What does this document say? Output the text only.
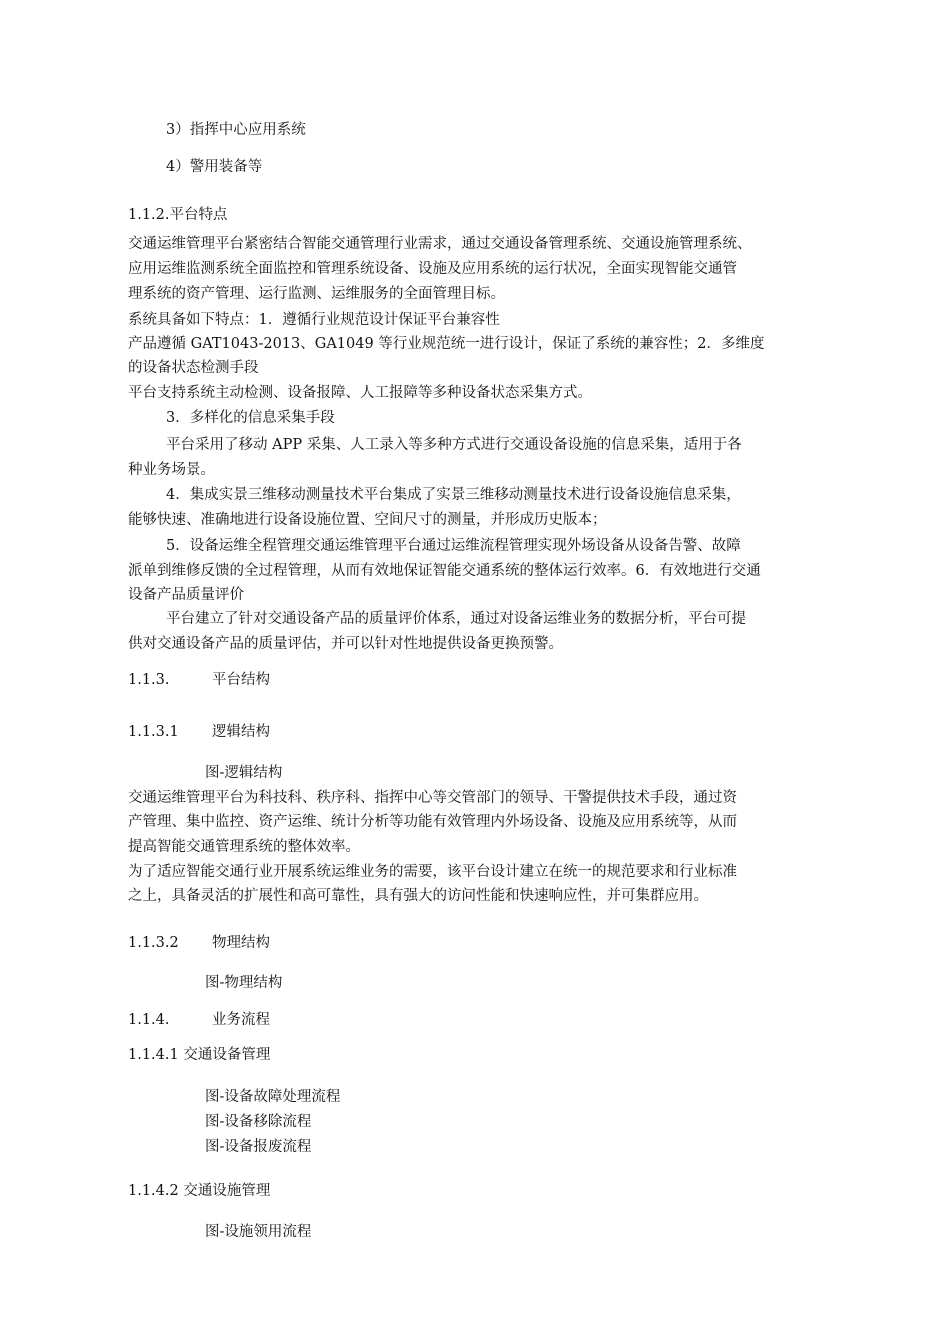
3）指挥中心应用系统
4）警用装备等
1.1.2.平台特点
交通运维管理平台紧密结合智能交通管理行业需求，通过交通设备管理系统、交通设施管理系统、
应用运维监测系统全面监控和管理系统设备、设施及应用系统的运行状况，全面实现智能交通管
理系统的资产管理、运行监测、运维服务的全面管理目标。
系统具备如下特点：1．遵循行业规范设计保证平台兼容性
产品遵循 GAT1043-2013、GA1049 等行业规范统一进行设计，保证了系统的兼容性；2．多维度
的设备状态检测手段
平台支持系统主动检测、设备报障、人工报障等多种设备状态采集方式。
3．多样化的信息采集手段
平台采用了移动 APP 采集、人工录入等多种方式进行交通设备设施的信息采集，适用于各
种业务场景。
4．集成实景三维移动测量技术平台集成了实景三维移动测量技术进行设备设施信息采集，
能够快速、准确地进行设备设施位置、空间尺寸的测量，并形成历史版本；
5．设备运维全程管理交通运维管理平台通过运维流程管理实现外场设备从设备告警、故障
派单到维修反馈的全过程管理，从而有效地保证智能交通系统的整体运行效率。6．有效地进行交通
设备产品质量评价
平台建立了针对交通设备产品的质量评价体系，通过对设备运维业务的数据分析，平台可提
供对交通设备产品的质量评估，并可以针对性地提供设备更换预警。
1.1.3.	平台结构
1.1.3.1 逻辑结构
图-逻辑结构
交通运维管理平台为科技科、秩序科、指挥中心等交管部门的领导、干警提供技术手段，通过资
产管理、集中监控、资产运维、统计分析等功能有效管理内外场设备、设施及应用系统等，从而
提高智能交通管理系统的整体效率。
为了适应智能交通行业开展系统运维业务的需要，该平台设计建立在统一的规范要求和行业标准
之上，具备灵活的扩展性和高可靠性，具有强大的访问性能和快速响应性，并可集群应用。
1.1.3.2 物理结构
图-物理结构
1.1.4.	业务流程
1.1.4.1 交通设备管理
图-设备故障处理流程
图-设备移除流程
图-设备报废流程
1.1.4.2 交通设施管理
图-设施领用流程
